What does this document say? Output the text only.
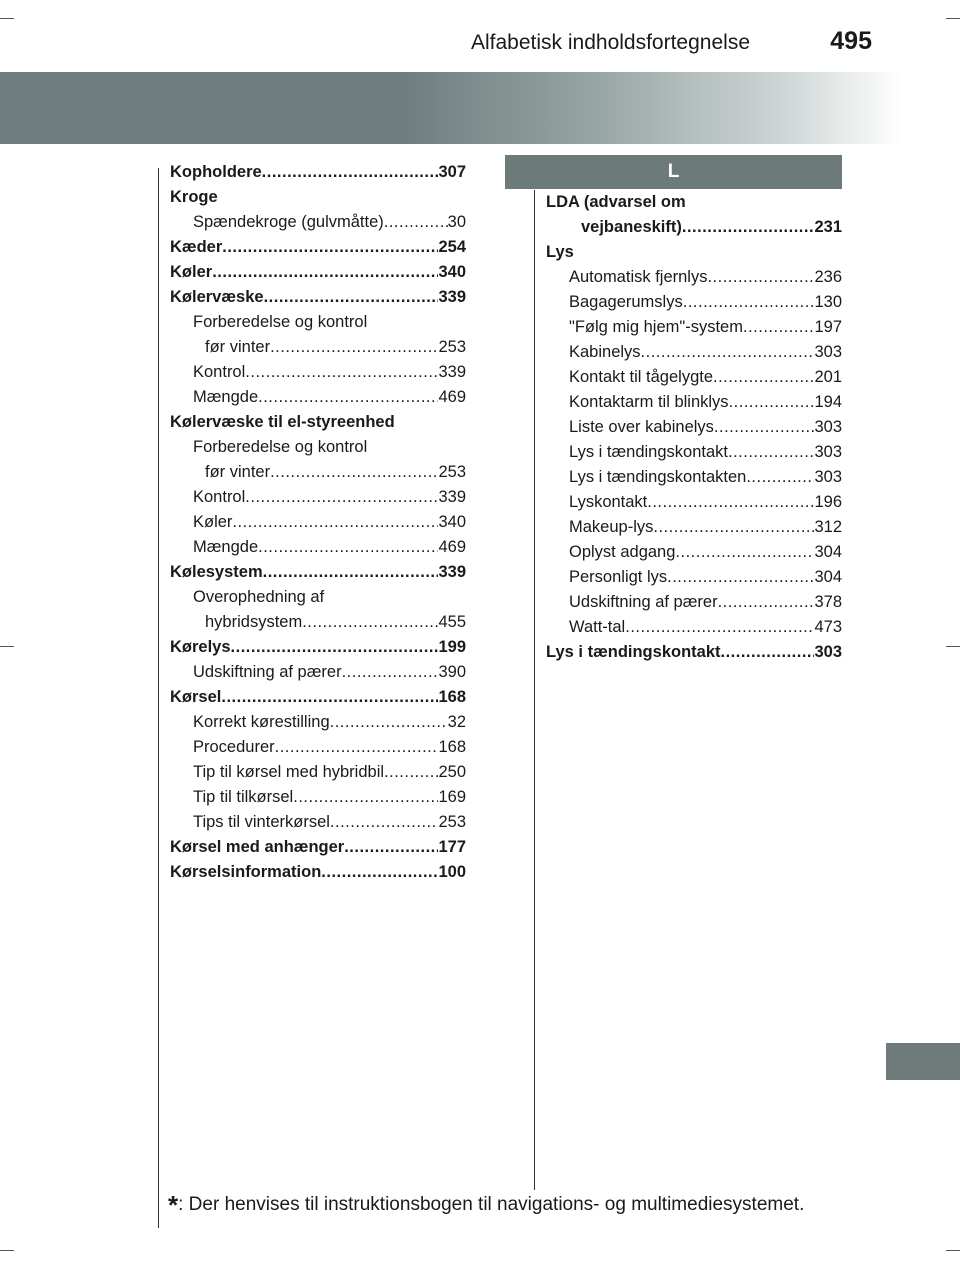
Alfabetisk indholdsfortegnelse	495
Kopholdere .....	307
Kroge
Spændekroge (gulvmåtte) .....	30
Kæder .....	254
Køler .....	340
Kølervæske .....	339
Forberedelse og kontrol
før vinter .....	253
Kontrol .....	339
Mængde .....	469
Kølervæske til el-styreenhed
Forberedelse og kontrol
før vinter .....	253
Kontrol .....	339
Køler .....	340
Mængde .....	469
Kølesystem .....	339
Overophedning af
hybridsystem .....	455
Kørelys .....	199
Udskiftning af pærer .....	390
Kørsel .....	168
Korrekt kørestilling .....	32
Procedurer .....	168
Tip til kørsel med hybridbil .....	250
Tip til tilkørsel .....	169
Tips til vinterkørsel .....	253
Kørsel med anhænger .....	177
Kørselsinformation .....	100
L
LDA (advarsel om
vejbaneskift) .....	231
Lys
Automatisk fjernlys .....	236
Bagagerumslys .....	130
"Følg mig hjem"-system .....	197
Kabinelys .....	303
Kontakt til tågelygte .....	201
Kontaktarm til blinklys .....	194
Liste over kabinelys .....	303
Lys i tændingskontakt .....	303
Lys i tændingskontakten .....	303
Lyskontakt .....	196
Makeup-lys .....	312
Oplyst adgang .....	304
Personligt lys .....	304
Udskiftning af pærer .....	378
Watt-tal .....	473
Lys i tændingskontakt .....	303
*: Der henvises til instruktionsbogen til navigations- og multimediesystemet.
